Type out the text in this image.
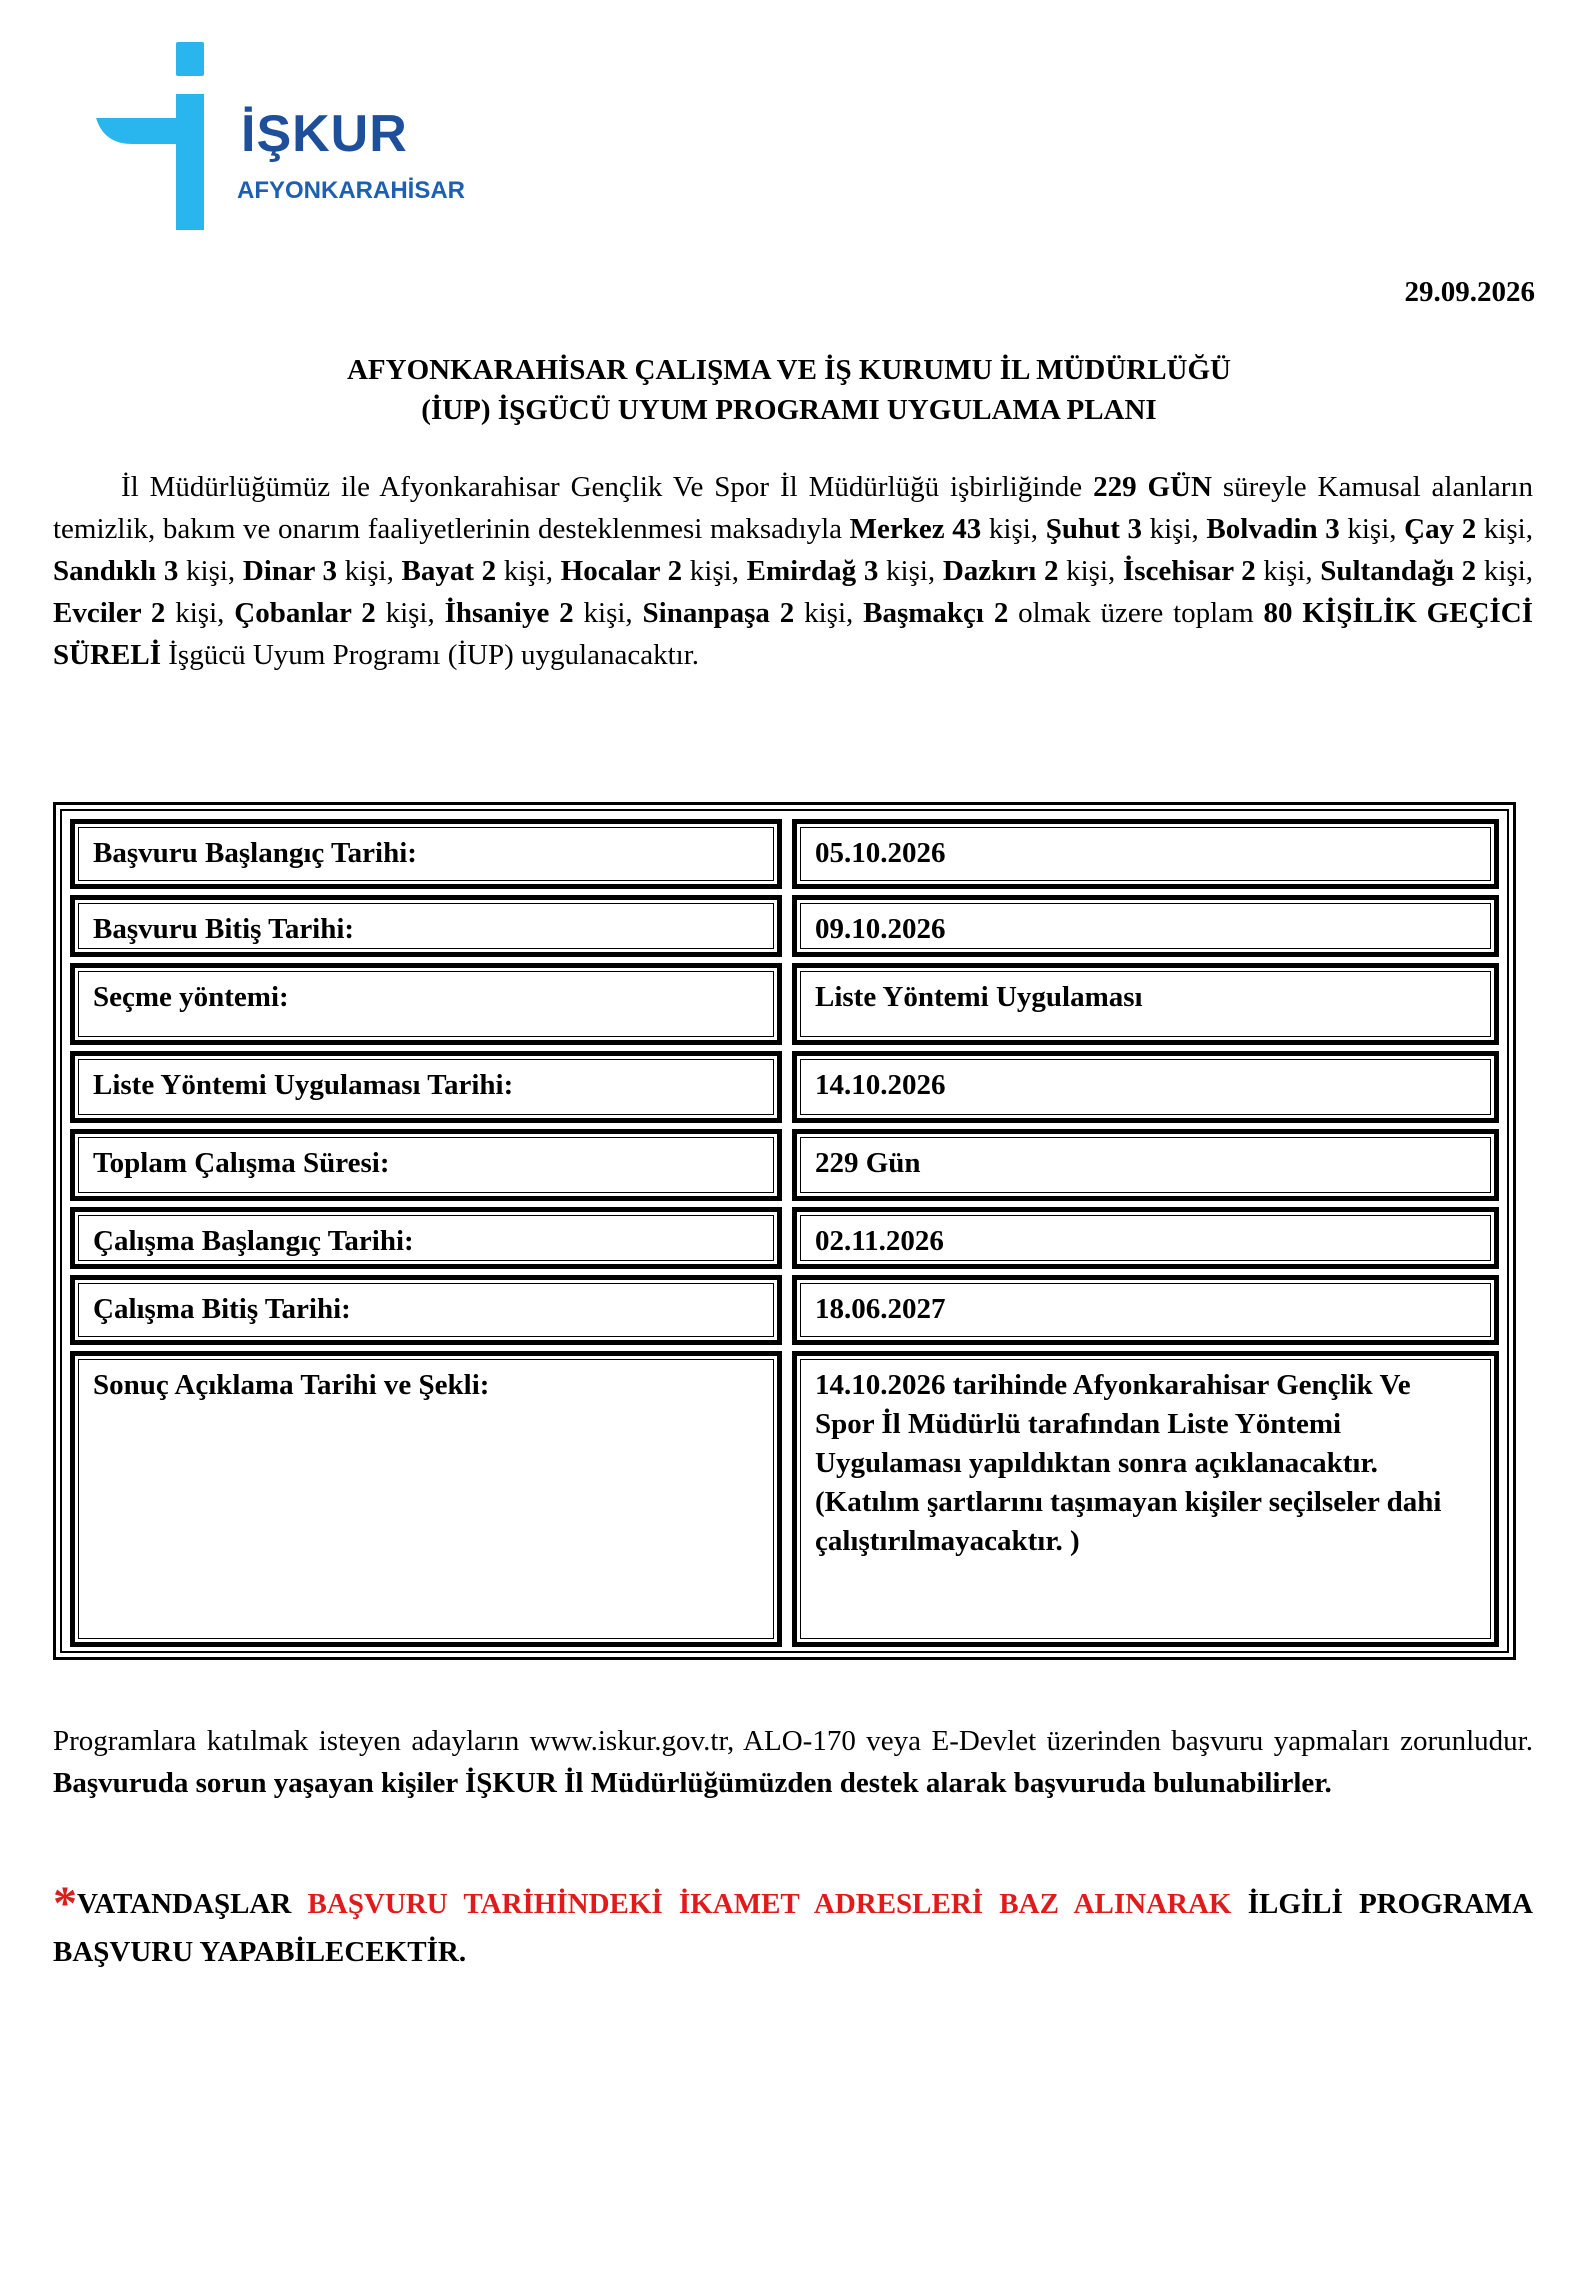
İŞKUR
AFYONKARAHİSAR
29.09.2026
AFYONKARAHİSAR ÇALIŞMA VE İŞ KURUMU İL MÜDÜRLÜĞÜ
(İUP) İŞGÜCÜ UYUM PROGRAMI UYGULAMA PLANI

İl Müdürlüğümüz ile Afyonkarahisar Gençlik Ve Spor İl Müdürlüğü işbirliğinde 229 GÜN süreyle Kamusal alanların temizlik, bakım ve onarım faaliyetlerinin desteklenmesi maksadıyla Merkez 43 kişi, Şuhut 3 kişi, Bolvadin 3 kişi, Çay 2 kişi, Sandıklı 3 kişi, Dinar 3 kişi, Bayat 2 kişi, Hocalar 2 kişi, Emirdağ 3 kişi, Dazkırı 2 kişi, İscehisar 2 kişi, Sultandağı 2 kişi, Evciler 2 kişi, Çobanlar 2 kişi, İhsaniye 2 kişi, Sinanpaşa 2 kişi, Başmakçı 2 olmak üzere toplam 80 KİŞİLİK GEÇİCİ SÜRELİ İşgücü Uyum Programı (İUP) uygulanacaktır.

Başvuru Başlangıç Tarihi:	05.10.2026
Başvuru Bitiş Tarihi:	09.10.2026
Seçme yöntemi:	Liste Yöntemi Uygulaması
Liste Yöntemi Uygulaması Tarihi:	14.10.2026
Toplam Çalışma Süresi:	229 Gün
Çalışma Başlangıç Tarihi:	02.11.2026
Çalışma Bitiş Tarihi:	18.06.2027
Sonuç Açıklama Tarihi ve Şekli:	14.10.2026 tarihinde Afyonkarahisar Gençlik Ve Spor İl Müdürlü tarafından Liste Yöntemi Uygulaması yapıldıktan sonra açıklanacaktır. (Katılım şartlarını taşımayan kişiler seçilseler dahi çalıştırılmayacaktır. )

Programlara katılmak isteyen adayların www.iskur.gov.tr, ALO-170 veya E-Devlet üzerinden başvuru yapmaları zorunludur. Başvuruda sorun yaşayan kişiler İŞKUR İl Müdürlüğümüzden destek alarak başvuruda bulunabilirler.

*VATANDAŞLAR BAŞVURU TARİHİNDEKİ İKAMET ADRESLERİ BAZ ALINARAK İLGİLİ PROGRAMA BAŞVURU YAPABİLECEKTİR.
